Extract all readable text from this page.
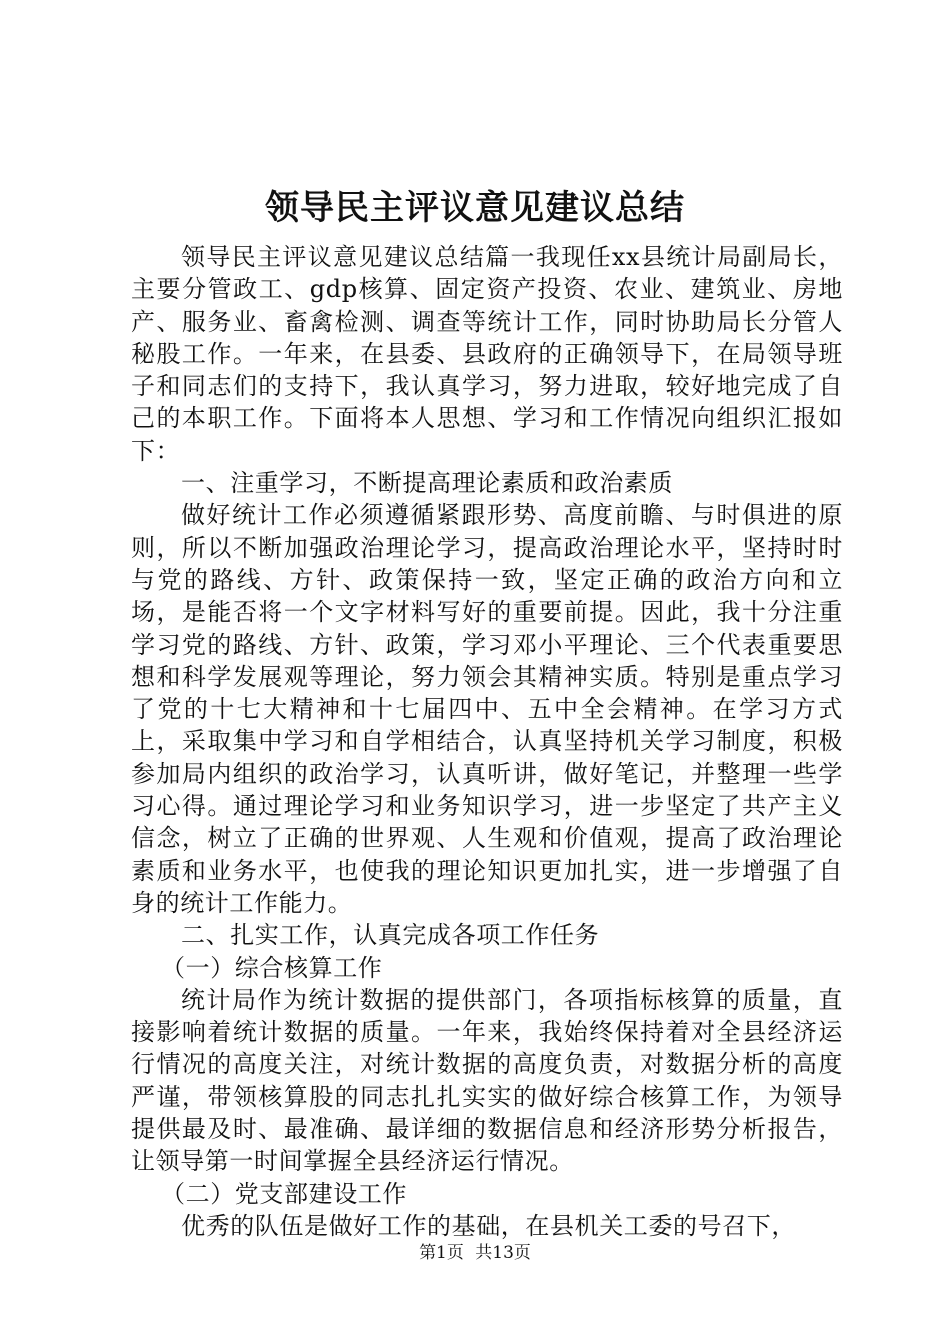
领导民主评议意见建议总结

领导民主评议意见建议总结篇一我现任xx县统计局副局长，主要分管政工、gdp核算、固定资产投资、农业、建筑业、房地产、服务业、畜禽检测、调查等统计工作，同时协助局长分管人秘股工作。一年来，在县委、县政府的正确领导下，在局领导班子和同志们的支持下，我认真学习，努力进取，较好地完成了自己的本职工作。下面将本人思想、学习和工作情况向组织汇报如下：

一、注重学习，不断提高理论素质和政治素质

做好统计工作必须遵循紧跟形势、高度前瞻、与时俱进的原则，所以不断加强政治理论学习，提高政治理论水平，坚持时时与党的路线、方针、政策保持一致，坚定正确的政治方向和立场，是能否将一个文字材料写好的重要前提。因此，我十分注重学习党的路线、方针、政策，学习邓小平理论、三个代表重要思想和科学发展观等理论，努力领会其精神实质。特别是重点学习了党的十七大精神和十七届四中、五中全会精神。在学习方式上，采取集中学习和自学相结合，认真坚持机关学习制度，积极参加局内组织的政治学习，认真听讲，做好笔记，并整理一些学习心得。通过理论学习和业务知识学习，进一步坚定了共产主义信念，树立了正确的世界观、人生观和价值观，提高了政治理论素质和业务水平，也使我的理论知识更加扎实，进一步增强了自身的统计工作能力。

二、扎实工作，认真完成各项工作任务

（一）综合核算工作

统计局作为统计数据的提供部门，各项指标核算的质量，直接影响着统计数据的质量。一年来，我始终保持着对全县经济运行情况的高度关注，对统计数据的高度负责，对数据分析的高度严谨，带领核算股的同志扎扎实实的做好综合核算工作，为领导提供最及时、最准确、最详细的数据信息和经济形势分析报告，让领导第一时间掌握全县经济运行情况。

（二）党支部建设工作

优秀的队伍是做好工作的基础，在县机关工委的号召下，

第1页 共13页
